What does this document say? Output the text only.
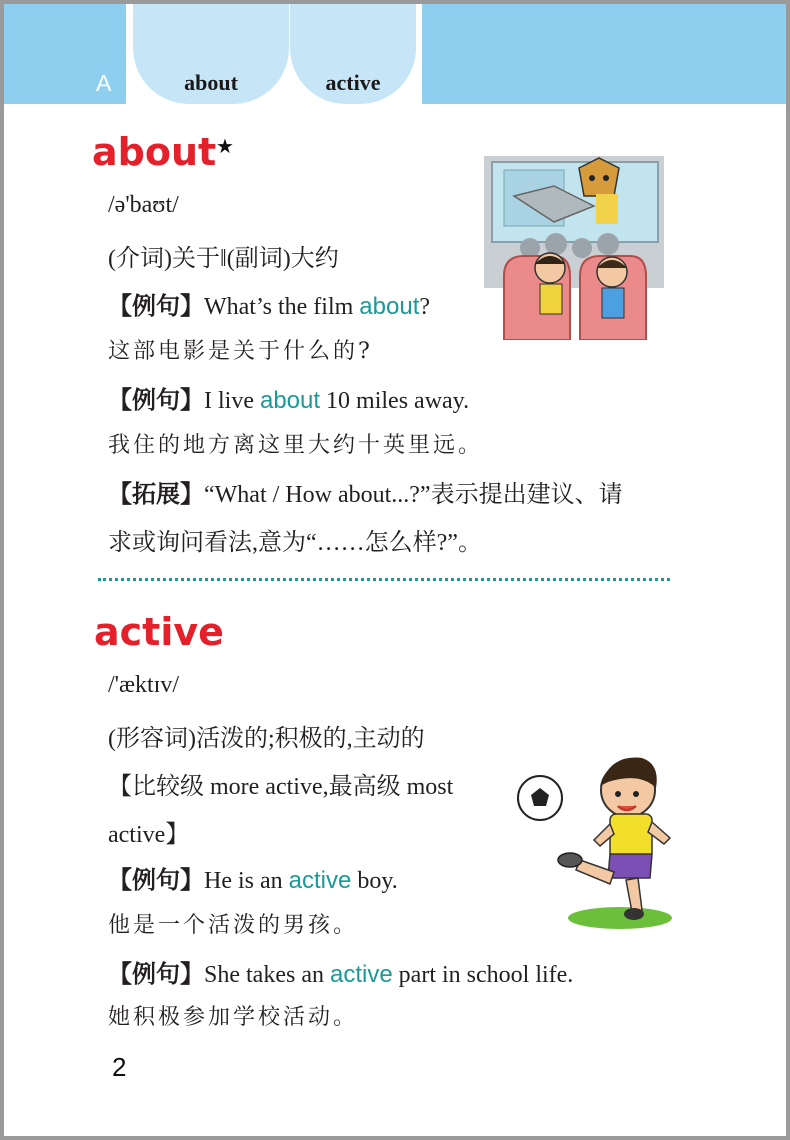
A	about	active
about ★
/ə'baʊt/
(介词)关于‖(副词)大约
【例句】What’s the film about?
这部电影是关于什么的?
【例句】I live about 10 miles away.
我住的地方离这里大约十英里远。
【拓展】“What / How about...?”表示提出建议、请
求或询问看法,意为“……怎么样?”。
active
/'æktɪv/
(形容词)活泼的;积极的,主动的
【比较级 more active,最高级 most
active】
【例句】He is an active boy.
他是一个活泼的男孩。
【例句】She takes an active part in school life.
她积极参加学校活动。
2
